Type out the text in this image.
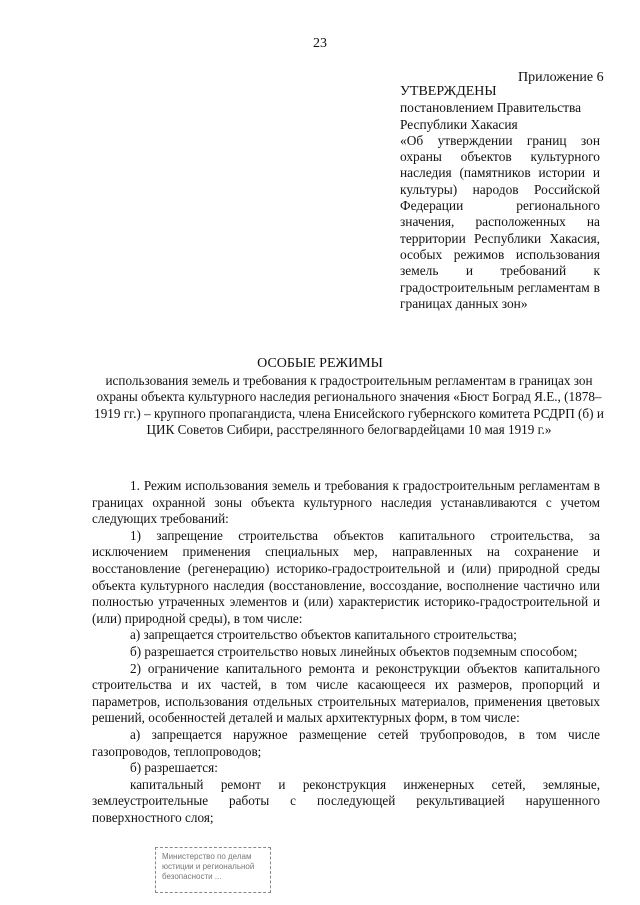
23
Приложение 6
УТВЕРЖДЕНЫ
постановлением Правительства
Республики Хакасия
«Об утверждении границ зон охраны объектов культурного наследия (памятников истории и культуры) народов Российской Федерации регионального значения, расположенных на территории Республики Хакасия, особых режимов использования земель и требований к градостроительным регламентам в границах данных зон»
ОСОБЫЕ РЕЖИМЫ
использования земель и требования к градостроительным регламентам в границах зон охраны объекта культурного наследия регионального значения «Бюст Боград Я.Е., (1878–1919 гг.) – крупного пропагандиста, члена Енисейского губернского комитета РСДРП (б) и ЦИК Советов Сибири, расстрелянного белогвардейцами 10 мая 1919 г.»

1. Режим использования земель и требования к градостроительным регламентам в границах охранной зоны объекта культурного наследия устанавливаются с учетом следующих требований:

1) запрещение строительства объектов капитального строительства, за исключением применения специальных мер, направленных на сохранение и восстановление (регенерацию) историко-градостроительной и (или) природной среды объекта культурного наследия (восстановление, воссоздание, восполнение частично или полностью утраченных элементов и (или) характеристик историко-градостроительной и (или) природной среды), в том числе:

а) запрещается строительство объектов капитального строительства;

б) разрешается строительство новых линейных объектов подземным способом;

2) ограничение капитального ремонта и реконструкции объектов капитального строительства и их частей, в том числе касающееся их размеров, пропорций и параметров, использования отдельных строительных материалов, применения цветовых решений, особенностей деталей и малых архитектурных форм, в том числе:

а) запрещается наружное размещение сетей трубопроводов, в том числе газопроводов, теплопроводов;

б) разрешается:

капитальный ремонт и реконструкция инженерных сетей, земляные, землеустроительные работы с последующей рекультивацией нарушенного поверхностного слоя;

Министерство по делам
юстиции и региональной
безопасности ...
